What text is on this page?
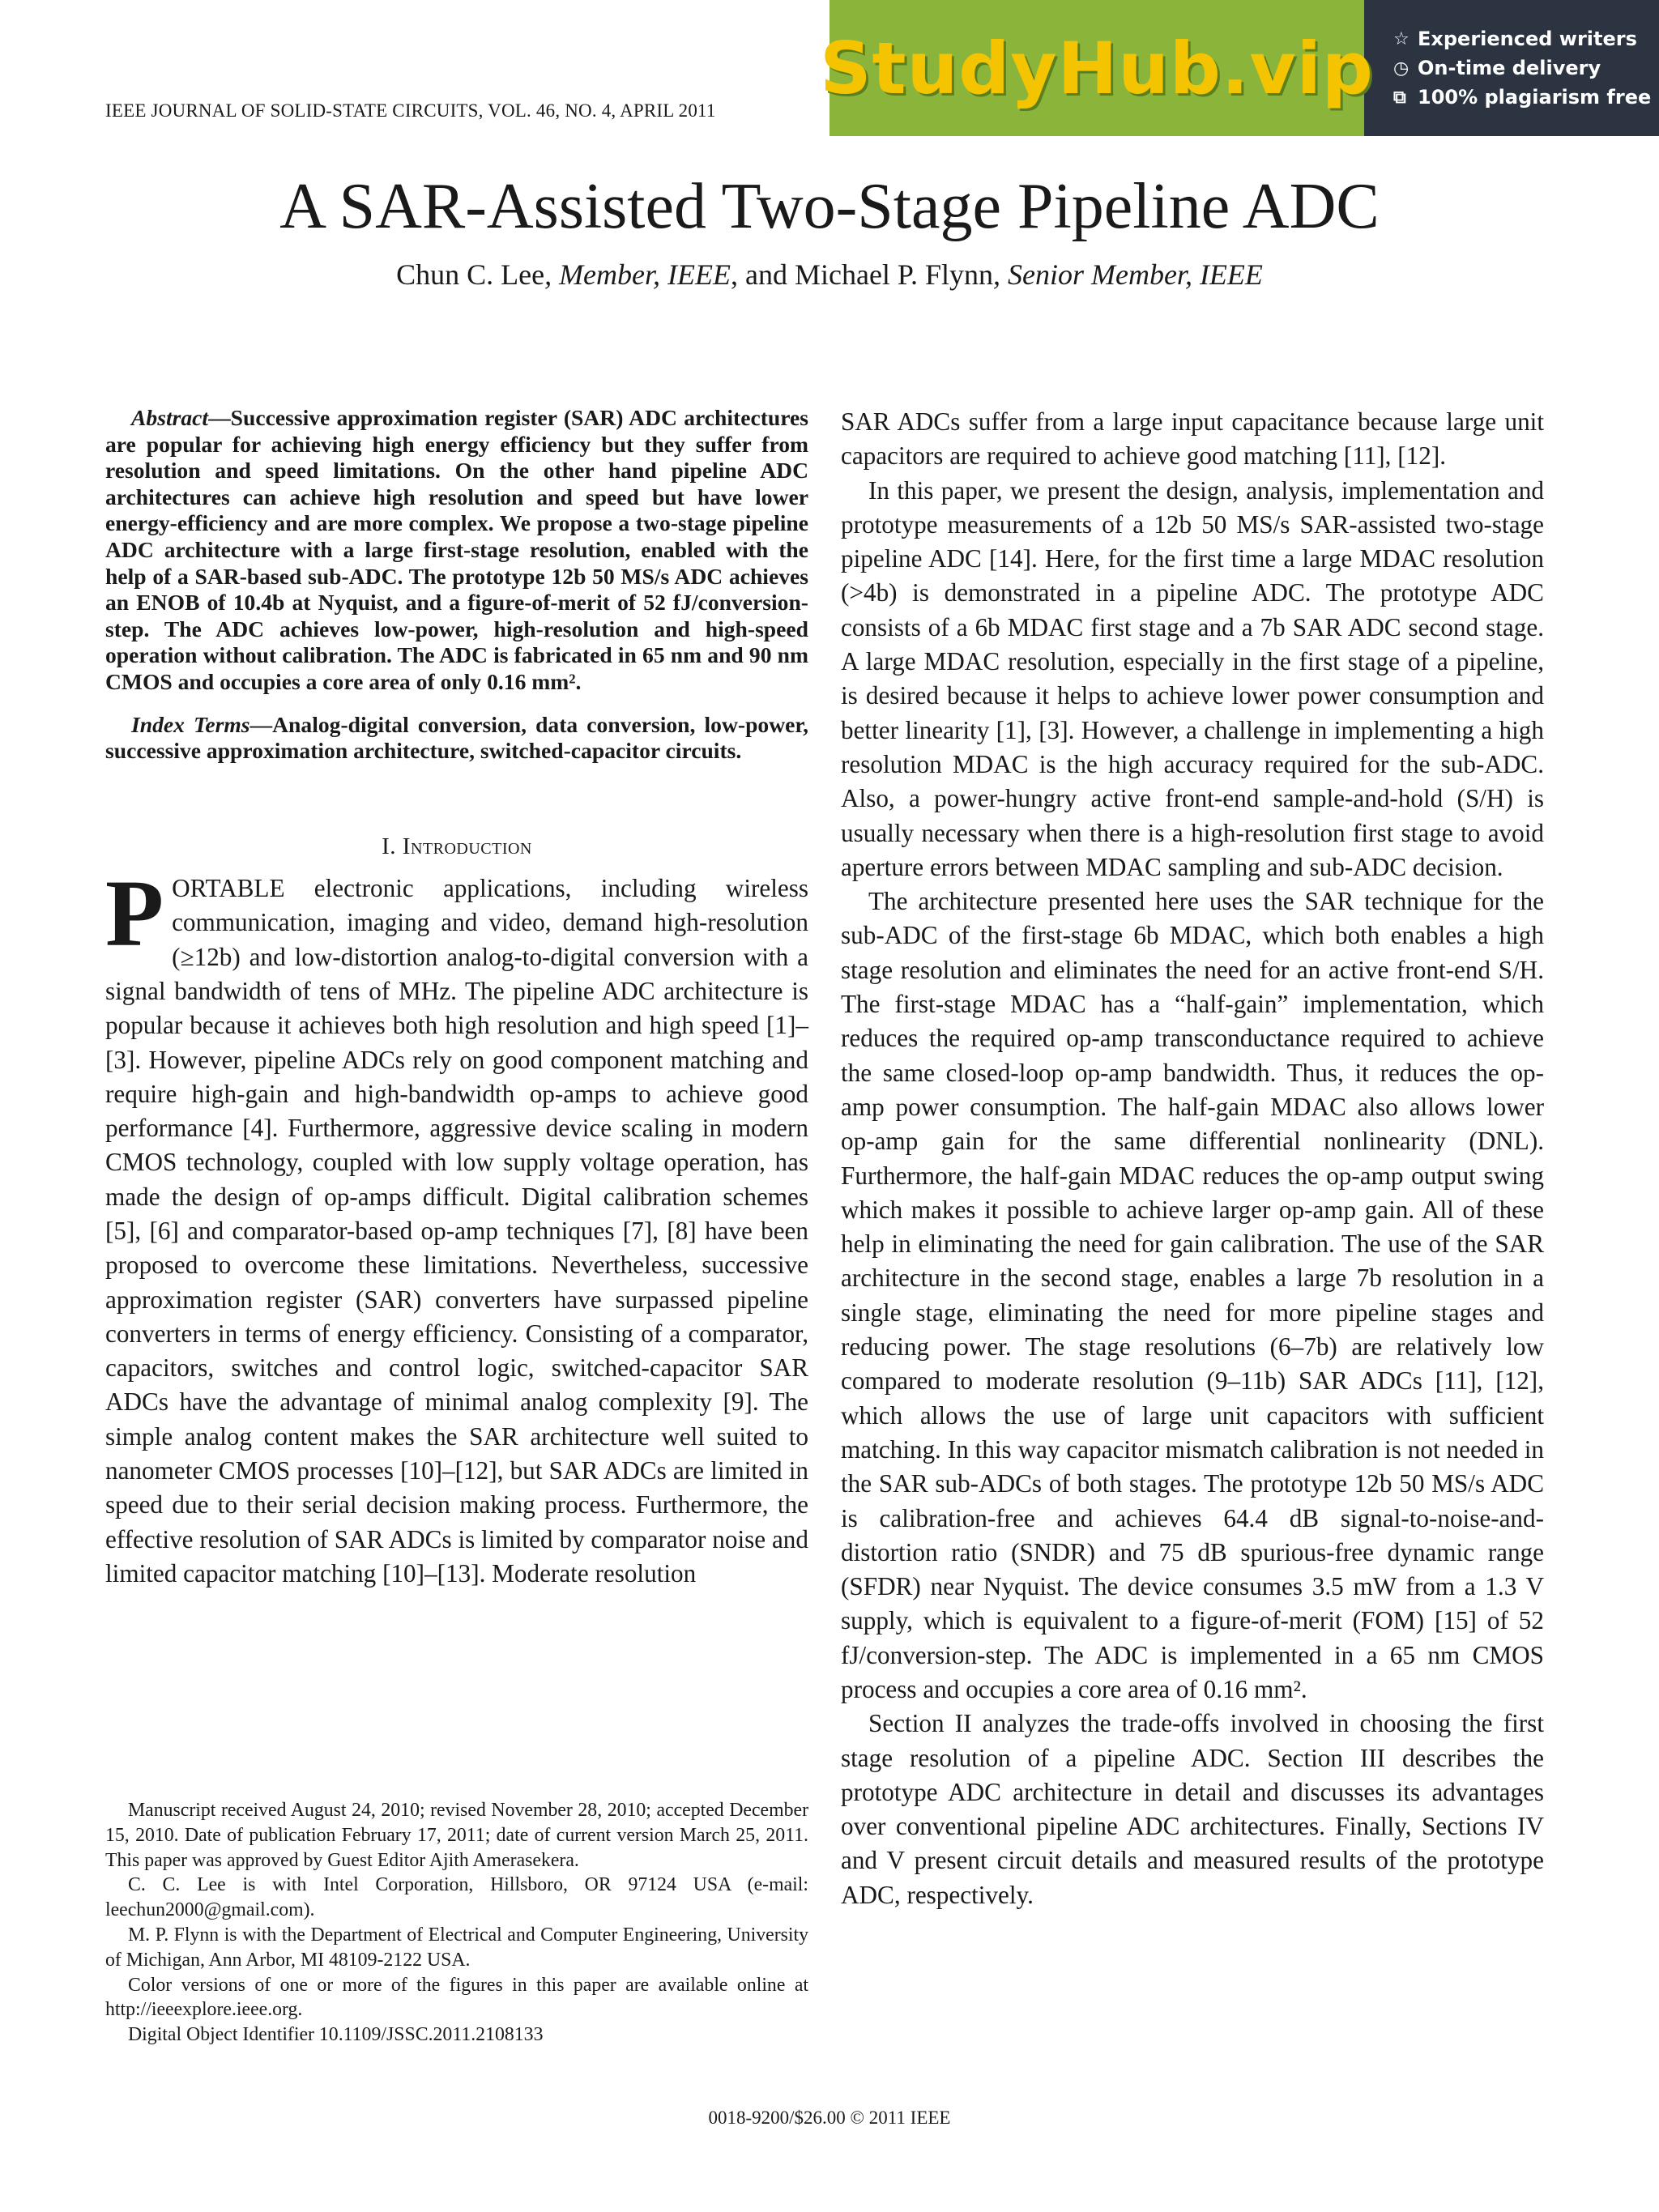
StudyHub.vip ☆ Experienced writers
◷ On-time delivery
⧉ 100% plagiarism free
IEEE JOURNAL OF SOLID-STATE CIRCUITS, VOL. 46, NO. 4, APRIL 2011
A SAR-Assisted Two-Stage Pipeline ADC
Chun C. Lee, Member, IEEE, and Michael P. Flynn, Senior Member, IEEE

Abstract—Successive approximation register (SAR) ADC architectures are popular for achieving high energy efficiency but they suffer from resolution and speed limitations. On the other hand pipeline ADC architectures can achieve high resolution and speed but have lower energy-efficiency and are more complex. We propose a two-stage pipeline ADC architecture with a large first-stage resolution, enabled with the help of a SAR-based sub-ADC. The prototype 12b 50 MS/s ADC achieves an ENOB of 10.4b at Nyquist, and a figure-of-merit of 52 fJ/conversion-step. The ADC achieves low-power, high-resolution and high-speed operation without calibration. The ADC is fabricated in 65 nm and 90 nm CMOS and occupies a core area of only 0.16 mm².

Index Terms—Analog-digital conversion, data conversion, low-power, successive approximation architecture, switched-capacitor circuits.

I. Introduction

PORTABLE electronic applications, including wireless communication, imaging and video, demand high-resolution (≥12b) and low-distortion analog-to-digital conversion with a signal bandwidth of tens of MHz. The pipeline ADC architecture is popular because it achieves both high resolution and high speed [1]–[3]. However, pipeline ADCs rely on good component matching and require high-gain and high-bandwidth op-amps to achieve good performance [4]. Furthermore, aggressive device scaling in modern CMOS technology, coupled with low supply voltage operation, has made the design of op-amps difficult. Digital calibration schemes [5], [6] and comparator-based op-amp techniques [7], [8] have been proposed to overcome these limitations. Nevertheless, successive approximation register (SAR) converters have surpassed pipeline converters in terms of energy efficiency. Consisting of a comparator, capacitors, switches and control logic, switched-capacitor SAR ADCs have the advantage of minimal analog complexity [9]. The simple analog content makes the SAR architecture well suited to nanometer CMOS processes [10]–[12], but SAR ADCs are limited in speed due to their serial decision making process. Furthermore, the effective resolution of SAR ADCs is limited by comparator noise and limited capacitor matching [10]–[13]. Moderate resolution

SAR ADCs suffer from a large input capacitance because large unit capacitors are required to achieve good matching [11], [12].

In this paper, we present the design, analysis, implementation and prototype measurements of a 12b 50 MS/s SAR-assisted two-stage pipeline ADC [14]. Here, for the first time a large MDAC resolution (>4b) is demonstrated in a pipeline ADC. The prototype ADC consists of a 6b MDAC first stage and a 7b SAR ADC second stage. A large MDAC resolution, especially in the first stage of a pipeline, is desired because it helps to achieve lower power consumption and better linearity [1], [3]. However, a challenge in implementing a high resolution MDAC is the high accuracy required for the sub-ADC. Also, a power-hungry active front-end sample-and-hold (S/H) is usually necessary when there is a high-resolution first stage to avoid aperture errors between MDAC sampling and sub-ADC decision.

The architecture presented here uses the SAR technique for the sub-ADC of the first-stage 6b MDAC, which both enables a high stage resolution and eliminates the need for an active front-end S/H. The first-stage MDAC has a “half-gain” implementation, which reduces the required op-amp transconductance required to achieve the same closed-loop op-amp bandwidth. Thus, it reduces the op-amp power consumption. The half-gain MDAC also allows lower op-amp gain for the same differential nonlinearity (DNL). Furthermore, the half-gain MDAC reduces the op-amp output swing which makes it possible to achieve larger op-amp gain. All of these help in eliminating the need for gain calibration. The use of the SAR architecture in the second stage, enables a large 7b resolution in a single stage, eliminating the need for more pipeline stages and reducing power. The stage resolutions (6–7b) are relatively low compared to moderate resolution (9–11b) SAR ADCs [11], [12], which allows the use of large unit capacitors with sufficient matching. In this way capacitor mismatch calibration is not needed in the SAR sub-ADCs of both stages. The prototype 12b 50 MS/s ADC is calibration-free and achieves 64.4 dB signal-to-noise-and-distortion ratio (SNDR) and 75 dB spurious-free dynamic range (SFDR) near Nyquist. The device consumes 3.5 mW from a 1.3 V supply, which is equivalent to a figure-of-merit (FOM) [15] of 52 fJ/conversion-step. The ADC is implemented in a 65 nm CMOS process and occupies a core area of 0.16 mm².

Section II analyzes the trade-offs involved in choosing the first stage resolution of a pipeline ADC. Section III describes the prototype ADC architecture in detail and discusses its advantages over conventional pipeline ADC architectures. Finally, Sections IV and V present circuit details and measured results of the prototype ADC, respectively.

Manuscript received August 24, 2010; revised November 28, 2010; accepted December 15, 2010. Date of publication February 17, 2011; date of current version March 25, 2011. This paper was approved by Guest Editor Ajith Amerasekera.

C. C. Lee is with Intel Corporation, Hillsboro, OR 97124 USA (e-mail: leechun2000@gmail.com).

M. P. Flynn is with the Department of Electrical and Computer Engineering, University of Michigan, Ann Arbor, MI 48109-2122 USA.

Color versions of one or more of the figures in this paper are available online at http://ieeexplore.ieee.org.

Digital Object Identifier 10.1109/JSSC.2011.2108133

0018-9200/$26.00 © 2011 IEEE
